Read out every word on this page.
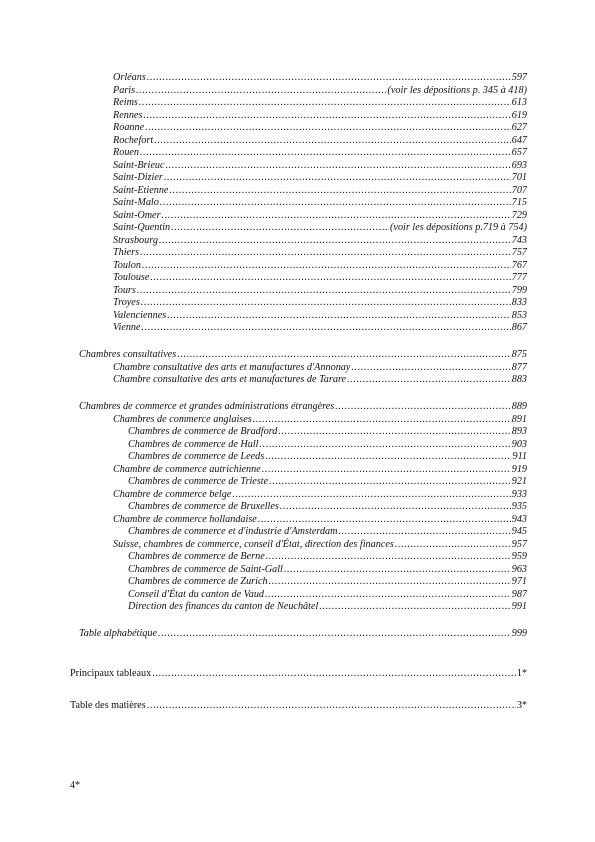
Orléans .....	597
Paris .....	(voir les dépositions p. 345 à 418)
Reims .....	613
Rennes .....	619
Roanne .....	627
Rochefort .....	647
Rouen .....	657
Saint-Brieuc .....	693
Saint-Dizier .....	701
Saint-Etienne .....	707
Saint-Malo .....	715
Saint-Omer .....	729
Saint-Quentin .....	(voir les dépositions p.719 à 754)
Strasbourg .....	743
Thiers .....	757
Toulon .....	767
Toulouse .....	777
Tours .....	799
Troyes .....	833
Valenciennes .....	853
Vienne .....	867
Chambres consultatives .....	875
Chambre consultative des arts et manufactures d'Annonay .....	877
Chambre consultative des arts et manufactures de Tarare .....	883
Chambres de commerce et grandes administrations étrangères .....	889
Chambres de commerce anglaises .....	891
Chambres de commerce de Bradford .....	893
Chambres de commerce de Hull .....	903
Chambres de commerce de Leeds .....	911
Chambre de commerce autrichienne .....	919
Chambres de commerce de Trieste .....	921
Chambre de commerce belge .....	933
Chambres de commerce de Bruxelles .....	935
Chambre de commerce hollandaise .....	943
Chambres de commerce et d'industrie d'Amsterdam .....	945
Suisse, chambres de commerce, conseil d'État, direction des finances .....	957
Chambres de commerce de Berne .....	959
Chambres de commerce de Saint-Gall .....	963
Chambres de commerce de Zurich .....	971
Conseil d'État du canton de Vaud .....	987
Direction des finances du canton de Neuchâtel .....	991
Table alphabétique .....	999
Principaux tableaux .....	1*
Table des matières .....	3*
4*
